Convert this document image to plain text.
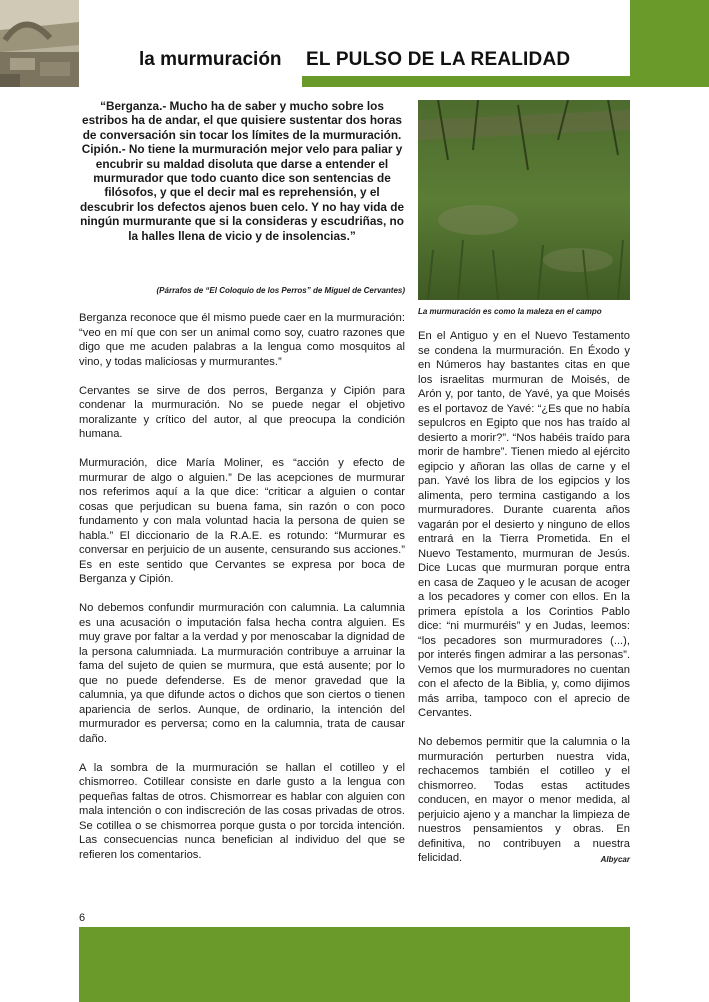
la murmuración EL PULSO DE LA REALIDAD

“Berganza.- Mucho ha de saber y mucho sobre los estribos ha de andar, el que quisiere sustentar dos horas de conversación sin tocar los límites de la murmuración.

Cipión.- No tiene la murmuración mejor velo para paliar y encubrir su maldad disoluta que darse a entender el murmurador que todo cuanto dice son sentencias de filósofos, y que el decir mal es reprehensión, y el descubrir los defectos ajenos buen celo. Y no hay vida de ningún murmurante que si la consideras y escudriñas, no la halles llena de vicio y de insolencias.”

(Párrafos de “El Coloquio de los Perros” de Miguel de Cervantes)
La murmuración es como la maleza en el campo

Berganza reconoce que él mismo puede caer en la murmuración: “veo en mí que con ser un animal como soy, cuatro razones que digo que me acuden palabras a la lengua como mosquitos al vino, y todas maliciosas y murmurantes.”

Cervantes se sirve de dos perros, Berganza y Cipión para condenar la murmuración. No se puede negar el objetivo moralizante y crítico del autor, al que preocupa la condición humana.

Murmuración, dice María Moliner, es “acción y efecto de murmurar de algo o alguien.” De las acepciones de murmurar nos referimos aquí a la que dice: “criticar a alguien o contar cosas que perjudican su buena fama, sin razón o con poco fundamento y con mala voluntad hacia la persona de quien se habla.” El diccionario de la R.A.E. es rotundo: “Murmurar es conversar en perjuicio de un ausente, censurando sus acciones.” Es en este sentido que Cervantes se expresa por boca de Berganza y Cipión.

No debemos confundir murmuración con calumnia. La calumnia es una acusación o imputación falsa hecha contra alguien. Es muy grave por faltar a la verdad y por menoscabar la dignidad de la persona calumniada. La murmuración contribuye a arruinar la fama del sujeto de quien se murmura, que está ausente; por lo que no puede defenderse. Es de menor gravedad que la calumnia, ya que difunde actos o dichos que son ciertos o tienen apariencia de serlos. Aunque, de ordinario, la intención del murmurador es perversa; como en la calumnia, trata de causar daño.

A la sombra de la murmuración se hallan el cotilleo y el chismorreo. Cotillear consiste en darle gusto a la lengua con pequeñas faltas de otros. Chismorrear es hablar con alguien con mala intención o con indiscreción de las cosas privadas de otros. Se cotillea o se chismorrea porque gusta o por torcida intención. Las consecuencias nunca benefician al individuo del que se refieren los comentarios.

En el Antiguo y en el Nuevo Testamento se condena la murmuración. En Éxodo y en Números hay bastantes citas en que los israelitas murmuran de Moisés, de Arón y, por tanto, de Yavé, ya que Moisés es el portavoz de Yavé: “¿Es que no había sepulcros en Egipto que nos has traído al desierto a morir?”. “Nos habéis traído para morir de hambre”. Tienen miedo al ejército egipcio y añoran las ollas de carne y el pan. Yavé los libra de los egipcios y los alimenta, pero termina castigando a los murmuradores. Durante cuarenta años vagarán por el desierto y ninguno de ellos entrará en la Tierra Prometida. En el Nuevo Testamento, murmuran de Jesús. Dice Lucas que murmuran porque entra en casa de Zaqueo y le acusan de acoger a los pecadores y comer con ellos. En la primera epístola a los Corintios Pablo dice: “ni murmuréis” y en Judas, leemos: “los pecadores son murmuradores (...), por interés fingen admirar a las personas”. Vemos que los murmuradores no cuentan con el afecto de la Biblia, y, como dijimos más arriba, tampoco con el aprecio de Cervantes.

No debemos permitir que la calumnia o la murmuración perturben nuestra vida, rechacemos también el cotilleo y el chismorreo. Todas estas actitudes conducen, en mayor o menor medida, al perjuicio ajeno y a manchar la limpieza de nuestros pensamientos y obras. En definitiva, no contribuyen a nuestra felicidad.	Albycar
6
